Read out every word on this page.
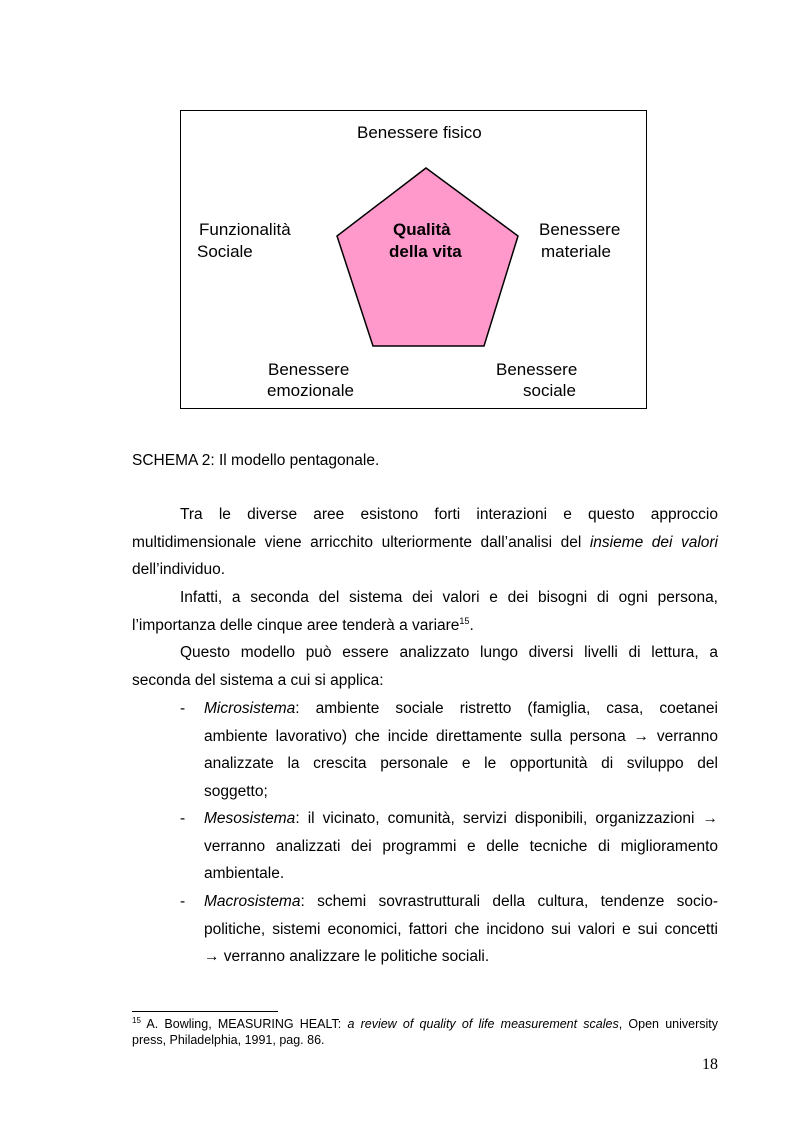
Benessere fisico
Funzionalità
Sociale
Benessere
materiale
Qualità
della vita
Benessere
emozionale
Benessere
sociale
SCHEMA 2: Il modello pentagonale.
Tra le diverse aree esistono forti interazioni e questo approccio
multidimensionale viene arricchito ulteriormente dall’analisi del insieme dei valori
dell’individuo.
Infatti, a seconda del sistema dei valori e dei bisogni di ogni persona,
l’importanza delle cinque aree tenderà a variare$^{15}$.
Questo modello può essere analizzato lungo diversi livelli di lettura, a
seconda del sistema a cui si applica:
- Microsistema: ambiente sociale ristretto (famiglia, casa, coetanei
ambiente lavorativo) che incide direttamente sulla persona → verranno
analizzate la crescita personale e le opportunità di sviluppo del
soggetto;
- Mesosistema: il vicinato, comunità, servizi disponibili, organizzazioni →
verranno analizzati dei programmi e delle tecniche di miglioramento
ambientale.
- Macrosistema: schemi sovrastrutturali della cultura, tendenze socio-
politiche, sistemi economici, fattori che incidono sui valori e sui concetti
→ verranno analizzare le politiche sociali.
$^{15}$ A. Bowling, MEASURING HEALT: a review of quality of life measurement scales, Open university
press, Philadelphia, 1991, pag. 86.
18
